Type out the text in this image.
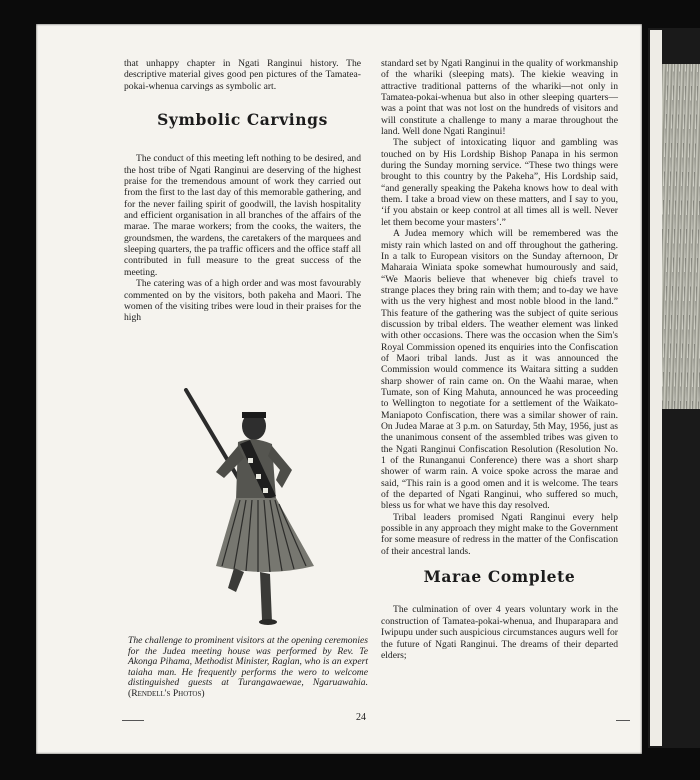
that unhappy chapter in Ngati Ranginui history. The descriptive material gives good pen pictures of the Tamatea-pokai-whenua carvings as symbolic art.

Symbolic Carvings

The conduct of this meeting left nothing to be desired, and the host tribe of Ngati Ranginui are deserving of the highest praise for the tremendous amount of work they carried out from the first to the last day of this memorable gathering, and for the never failing spirit of goodwill, the lavish hospitality and efficient organisation in all branches of the affairs of the marae. The marae workers; from the cooks, the waiters, the groundsmen, the wardens, the caretakers of the marquees and sleeping quarters, the pa traffic officers and the office staff all contributed in full measure to the great success of the meeting.

The catering was of a high order and was most favourably commented on by the visitors, both pakeha and Maori. The women of the visiting tribes were loud in their praises for the high

The challenge to prominent visitors at the opening ceremonies for the Judea meeting house was performed by Rev. Te Akonga Pihama, Methodist Minister, Raglan, who is an expert taiaha man. He frequently performs the wero to welcome distinguished guests at Turangawaewae, Ngaruawahia. (Rendell's Photos)

standard set by Ngati Ranginui in the quality of workmanship of the whariki (sleeping mats). The kiekie weaving in attractive traditional patterns of the whariki—not only in Tamatea-pokai-whenua but also in other sleeping quarters—was a point that was not lost on the hundreds of visitors and will constitute a challenge to many a marae throughout the land. Well done Ngati Ranginui!

The subject of intoxicating liquor and gambling was touched on by His Lordship Bishop Panapa in his sermon during the Sunday morning service. “These two things were brought to this country by the Pakeha”, His Lordship said, “and generally speaking the Pakeha knows how to deal with them. I take a broad view on these matters, and I say to you, ‘if you abstain or keep control at all times all is well. Never let them become your masters’.”

A Judea memory which will be remembered was the misty rain which lasted on and off throughout the gathering. In a talk to European visitors on the Sunday afternoon, Dr Maharaia Winiata spoke somewhat humourously and said, “We Maoris believe that whenever big chiefs travel to strange places they bring rain with them; and to-day we have with us the very highest and most noble blood in the land.” This feature of the gathering was the subject of quite serious discussion by tribal elders. The weather element was linked with other occasions. There was the occasion when the Sim's Royal Commission opened its enquiries into the Confiscation of Maori tribal lands. Just as it was announced the Commission would commence its Waitara sitting a sudden sharp shower of rain came on. On the Waahi marae, when Tumate, son of King Mahuta, announced he was proceeding to Wellington to negotiate for a settlement of the Waikato-Maniapoto Confiscation, there was a similar shower of rain. On Judea Marae at 3 p.m. on Saturday, 5th May, 1956, just as the unanimous consent of the assembled tribes was given to the Ngati Ranginui Confiscation Resolution (Resolution No. 1 of the Runanganui Conference) there was a short sharp shower of warm rain. A voice spoke across the marae and said, “This rain is a good omen and it is welcome. The tears of the departed of Ngati Ranginui, who suffered so much, bless us for what we have this day resolved.

Tribal leaders promised Ngati Ranginui every help possible in any approach they might make to the Government for some measure of redress in the matter of the Confiscation of their ancestral lands.

Marae Complete

The culmination of over 4 years voluntary work in the construction of Tamatea-pokai-whenua, and Ihuparapara and Iwipupu under such auspicious circumstances augurs well for the future of Ngati Ranginui. The dreams of their departed elders;

24
